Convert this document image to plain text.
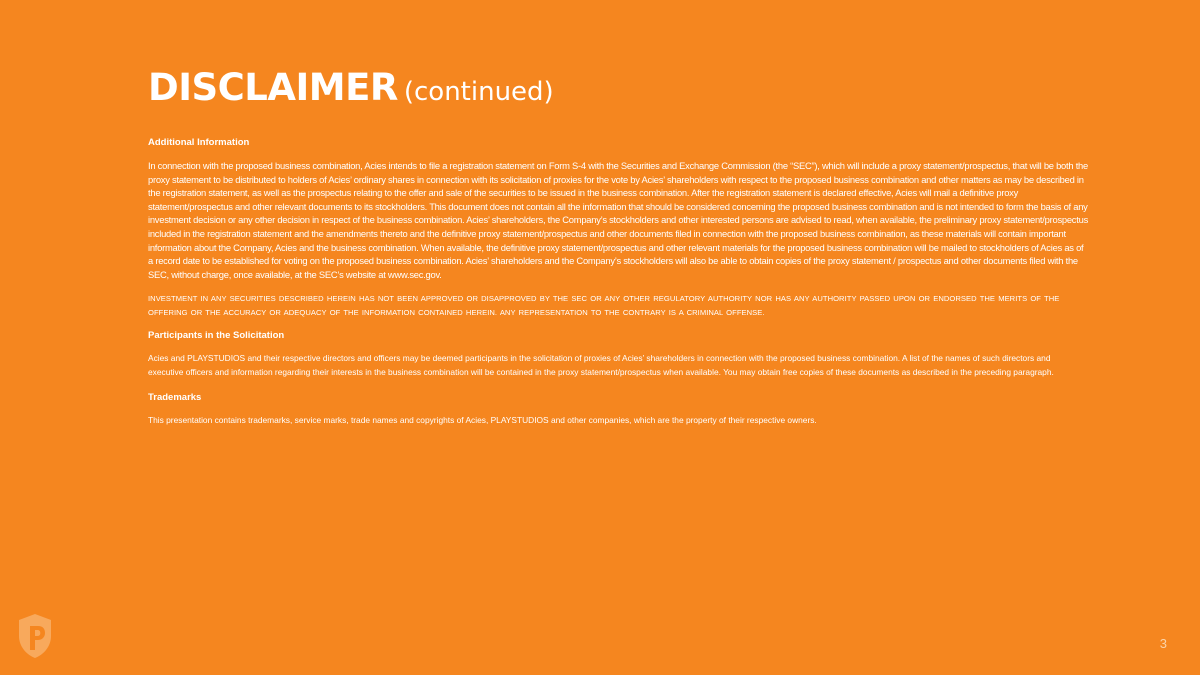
DISCLAIMER (continued)
Additional Information

In connection with the proposed business combination, Acies intends to file a registration statement on Form S-4 with the Securities and Exchange Commission (the “SEC”), which will include a proxy statement/prospectus, that will be both the proxy statement to be distributed to holders of Acies’ ordinary shares in connection with its solicitation of proxies for the vote by Acies’ shareholders with respect to the proposed business combination and other matters as may be described in the registration statement, as well as the prospectus relating to the offer and sale of the securities to be issued in the business combination. After the registration statement is declared effective, Acies will mail a definitive proxy statement/prospectus and other relevant documents to its stockholders. This document does not contain all the information that should be considered concerning the proposed business combination and is not intended to form the basis of any investment decision or any other decision in respect of the business combination. Acies’ shareholders, the Company’s stockholders and other interested persons are advised to read, when available, the preliminary proxy statement/prospectus included in the registration statement and the amendments thereto and the definitive proxy statement/prospectus and other documents filed in connection with the proposed business combination, as these materials will contain important information about the Company, Acies and the business combination. When available, the definitive proxy statement/prospectus and other relevant materials for the proposed business combination will be mailed to stockholders of Acies as of a record date to be established for voting on the proposed business combination. Acies’ shareholders and the Company’s stockholders will also be able to obtain copies of the proxy statement / prospectus and other documents filed with the SEC, without charge, once available, at the SEC’s website at www.sec.gov.

INVESTMENT IN ANY SECURITIES DESCRIBED HEREIN HAS NOT BEEN APPROVED OR DISAPPROVED BY THE SEC OR ANY OTHER REGULATORY AUTHORITY NOR HAS ANY AUTHORITY PASSED UPON OR ENDORSED THE MERITS OF THE OFFERING OR THE ACCURACY OR ADEQUACY OF THE INFORMATION CONTAINED HEREIN. ANY REPRESENTATION TO THE CONTRARY IS A CRIMINAL OFFENSE.

Participants in the Solicitation

Acies and PLAYSTUDIOS and their respective directors and officers may be deemed participants in the solicitation of proxies of Acies’ shareholders in connection with the proposed business combination. A list of the names of such directors and executive officers and information regarding their interests in the business combination will be contained in the proxy statement/prospectus when available. You may obtain free copies of these documents as described in the preceding paragraph.

Trademarks

This presentation contains trademarks, service marks, trade names and copyrights of Acies, PLAYSTUDIOS and other companies, which are the property of their respective owners.

3
